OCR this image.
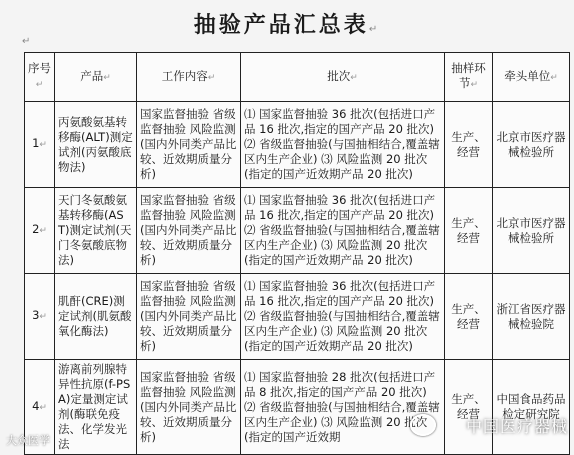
抽验产品汇总表↵
↵
序号↵	产品↵	工作内容↵	批次↵	抽样环节↵	牵头单位↵
1↵	丙氨酸氨基转移酶(ALT)测定试剂(丙氨酸底物法)	国家监督抽验 省级监督抽验 风险监测(国内外同类产品比较、近效期质量分析)	⑴ 国家监督抽验 36 批次(包括进口产品 16 批次,指定的国产产品 20 批次) ⑵ 省级监督抽验(与国抽相结合,覆盖辖区内生产企业) ⑶ 风险监测 20 批次(指定的国产近效期产品 20 批次)	生产、经营	北京市医疗器械检验所
2↵	天门冬氨酸氨基转移酶(AST)测定试剂(天门冬氨酸底物法)	国家监督抽验 省级监督抽验 风险监测(国内外同类产品比较、近效期质量分析)	⑴ 国家监督抽验 36 批次(包括进口产品 16 批次,指定的国产产品 20 批次) ⑵ 省级监督抽验(与国抽相结合,覆盖辖区内生产企业) ⑶ 风险监测 20 批次(指定的国产近效期产品 20 批次)	生产、经营	北京市医疗器械检验所
3↵	肌酐(CRE)测定试剂(肌氨酸氧化酶法)	国家监督抽验 省级监督抽验 风险监测(国内外同类产品比较、近效期质量分析)	⑴ 国家监督抽验 36 批次(包括进口产品 16 批次,指定的国产产品 20 批次) ⑵ 省级监督抽验(与国抽相结合,覆盖辖区内生产企业) ⑶ 风险监测 20 批次(指定的国产近效期产品 20 批次)	生产、经营	浙江省医疗器械检验院
4↵	游离前列腺特异性抗原(f-PSA)定量测定试剂(酶联免疫法、化学发光法	国家监督抽验 省级监督抽验 风险监测(国内外同类产品比较、近效期质量分析)	⑴ 国家监督抽验 28 批次(包括进口产品 8 批次,指定的国产产品 20 批次) ⑵ 省级监督抽验(与国抽相结合,覆盖辖区内生产企业) ⑶ 风险监测 20 批次(指定的国产近效期	生产、经营	中国食品药品检定研究院
大众医学
中国医疗器械
